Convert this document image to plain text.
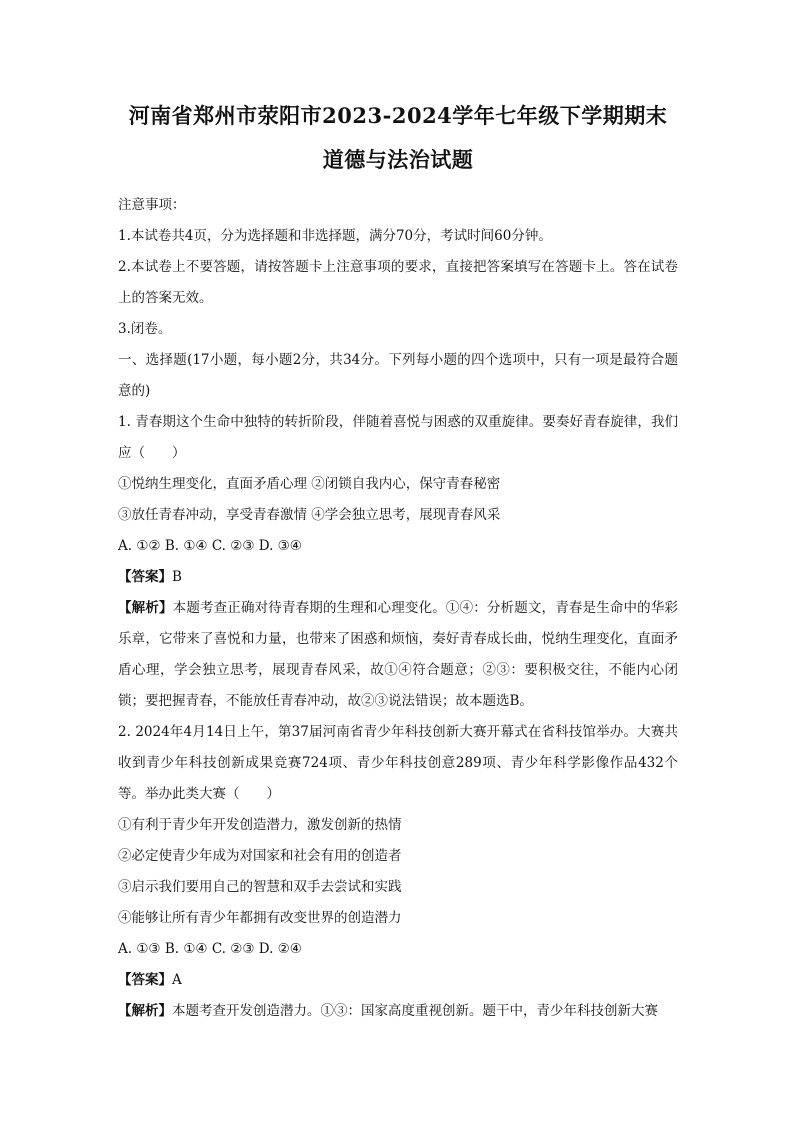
河南省郑州市荥阳市2023-2024学年七年级下学期期末
道德与法治试题

注意事项：

1.本试卷共4页，分为选择题和非选择题，满分70分，考试时间60分钟。

2.本试卷上不要答题，请按答题卡上注意事项的要求，直接把答案填写在答题卡上。答在试卷上的答案无效。

3.闭卷。

一、选择题(17小题，每小题2分，共34分。下列每小题的四个选项中，只有一项是最符合题意的)

1. 青春期这个生命中独特的转折阶段，伴随着喜悦与困惑的双重旋律。要奏好青春旋律，我们应（　　）

①悦纳生理变化，直面矛盾心理 ②闭锁自我内心，保守青春秘密

③放任青春冲动，享受青春激情 ④学会独立思考，展现青春风采

A. ①② B. ①④ C. ②③ D. ③④

【答案】B

【解析】本题考查正确对待青春期的生理和心理变化。①④：分析题文，青春是生命中的华彩乐章，它带来了喜悦和力量，也带来了困惑和烦恼，奏好青春成长曲，悦纳生理变化，直面矛盾心理，学会独立思考，展现青春风采，故①④符合题意；②③：要积极交往，不能内心闭锁；要把握青春，不能放任青春冲动，故②③说法错误；故本题选B。

2. 2024年4月14日上午，第37届河南省青少年科技创新大赛开幕式在省科技馆举办。大赛共收到青少年科技创新成果竞赛724项、青少年科技创意289项、青少年科学影像作品432个等。举办此类大赛（　　）

①有利于青少年开发创造潜力，激发创新的热情

②必定使青少年成为对国家和社会有用的创造者

③启示我们要用自己的智慧和双手去尝试和实践

④能够让所有青少年都拥有改变世界的创造潜力

A. ①③ B. ①④ C. ②③ D. ②④

【答案】A

【解析】本题考查开发创造潜力。①③：国家高度重视创新。题干中，青少年科技创新大赛
